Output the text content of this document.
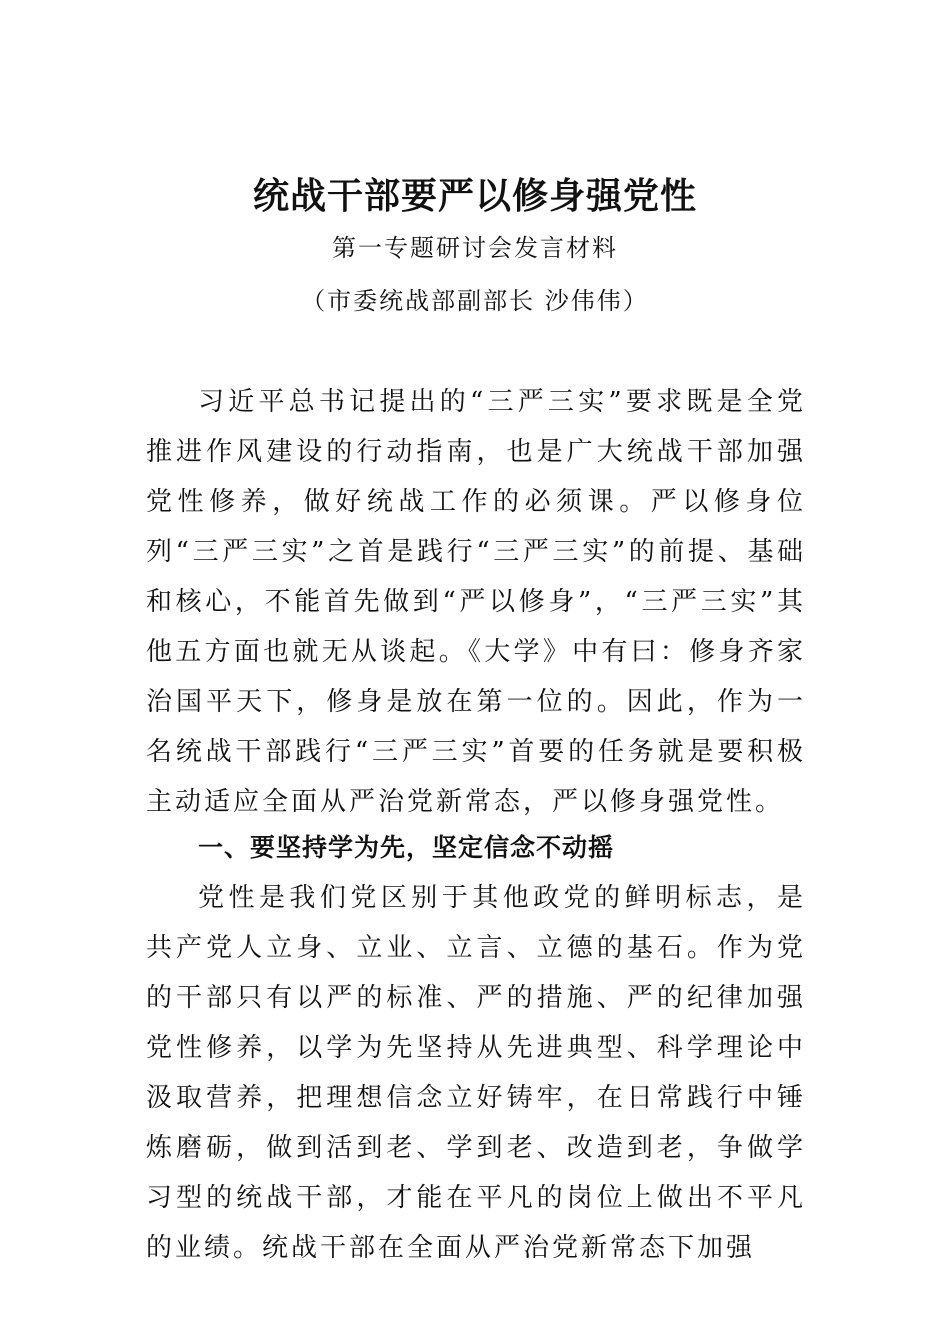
统战干部要严以修身强党性
第一专题研讨会发言材料
（市委统战部副部长 沙伟伟）
习近平总书记提出的“三严三实”要求既是全党推进作风建设的行动指南，也是广大统战干部加强党性修养，做好统战工作的必须课。严以修身位列“三严三实”之首是践行“三严三实”的前提、基础和核心，不能首先做到“严以修身”，“三严三实”其他五方面也就无从谈起。《大学》中有曰：修身齐家治国平天下，修身是放在第一位的。因此，作为一名统战干部践行“三严三实”首要的任务就是要积极主动适应全面从严治党新常态，严以修身强党性。
一、要坚持学为先，坚定信念不动摇
党性是我们党区别于其他政党的鲜明标志，是共产党人立身、立业、立言、立德的基石。作为党的干部只有以严的标准、严的措施、严的纪律加强党性修养，以学为先坚持从先进典型、科学理论中汲取营养，把理想信念立好铸牢，在日常践行中锤炼磨砺，做到活到老、学到老、改造到老，争做学习型的统战干部，才能在平凡的岗位上做出不平凡的业绩。统战干部在全面从严治党新常态下加强
